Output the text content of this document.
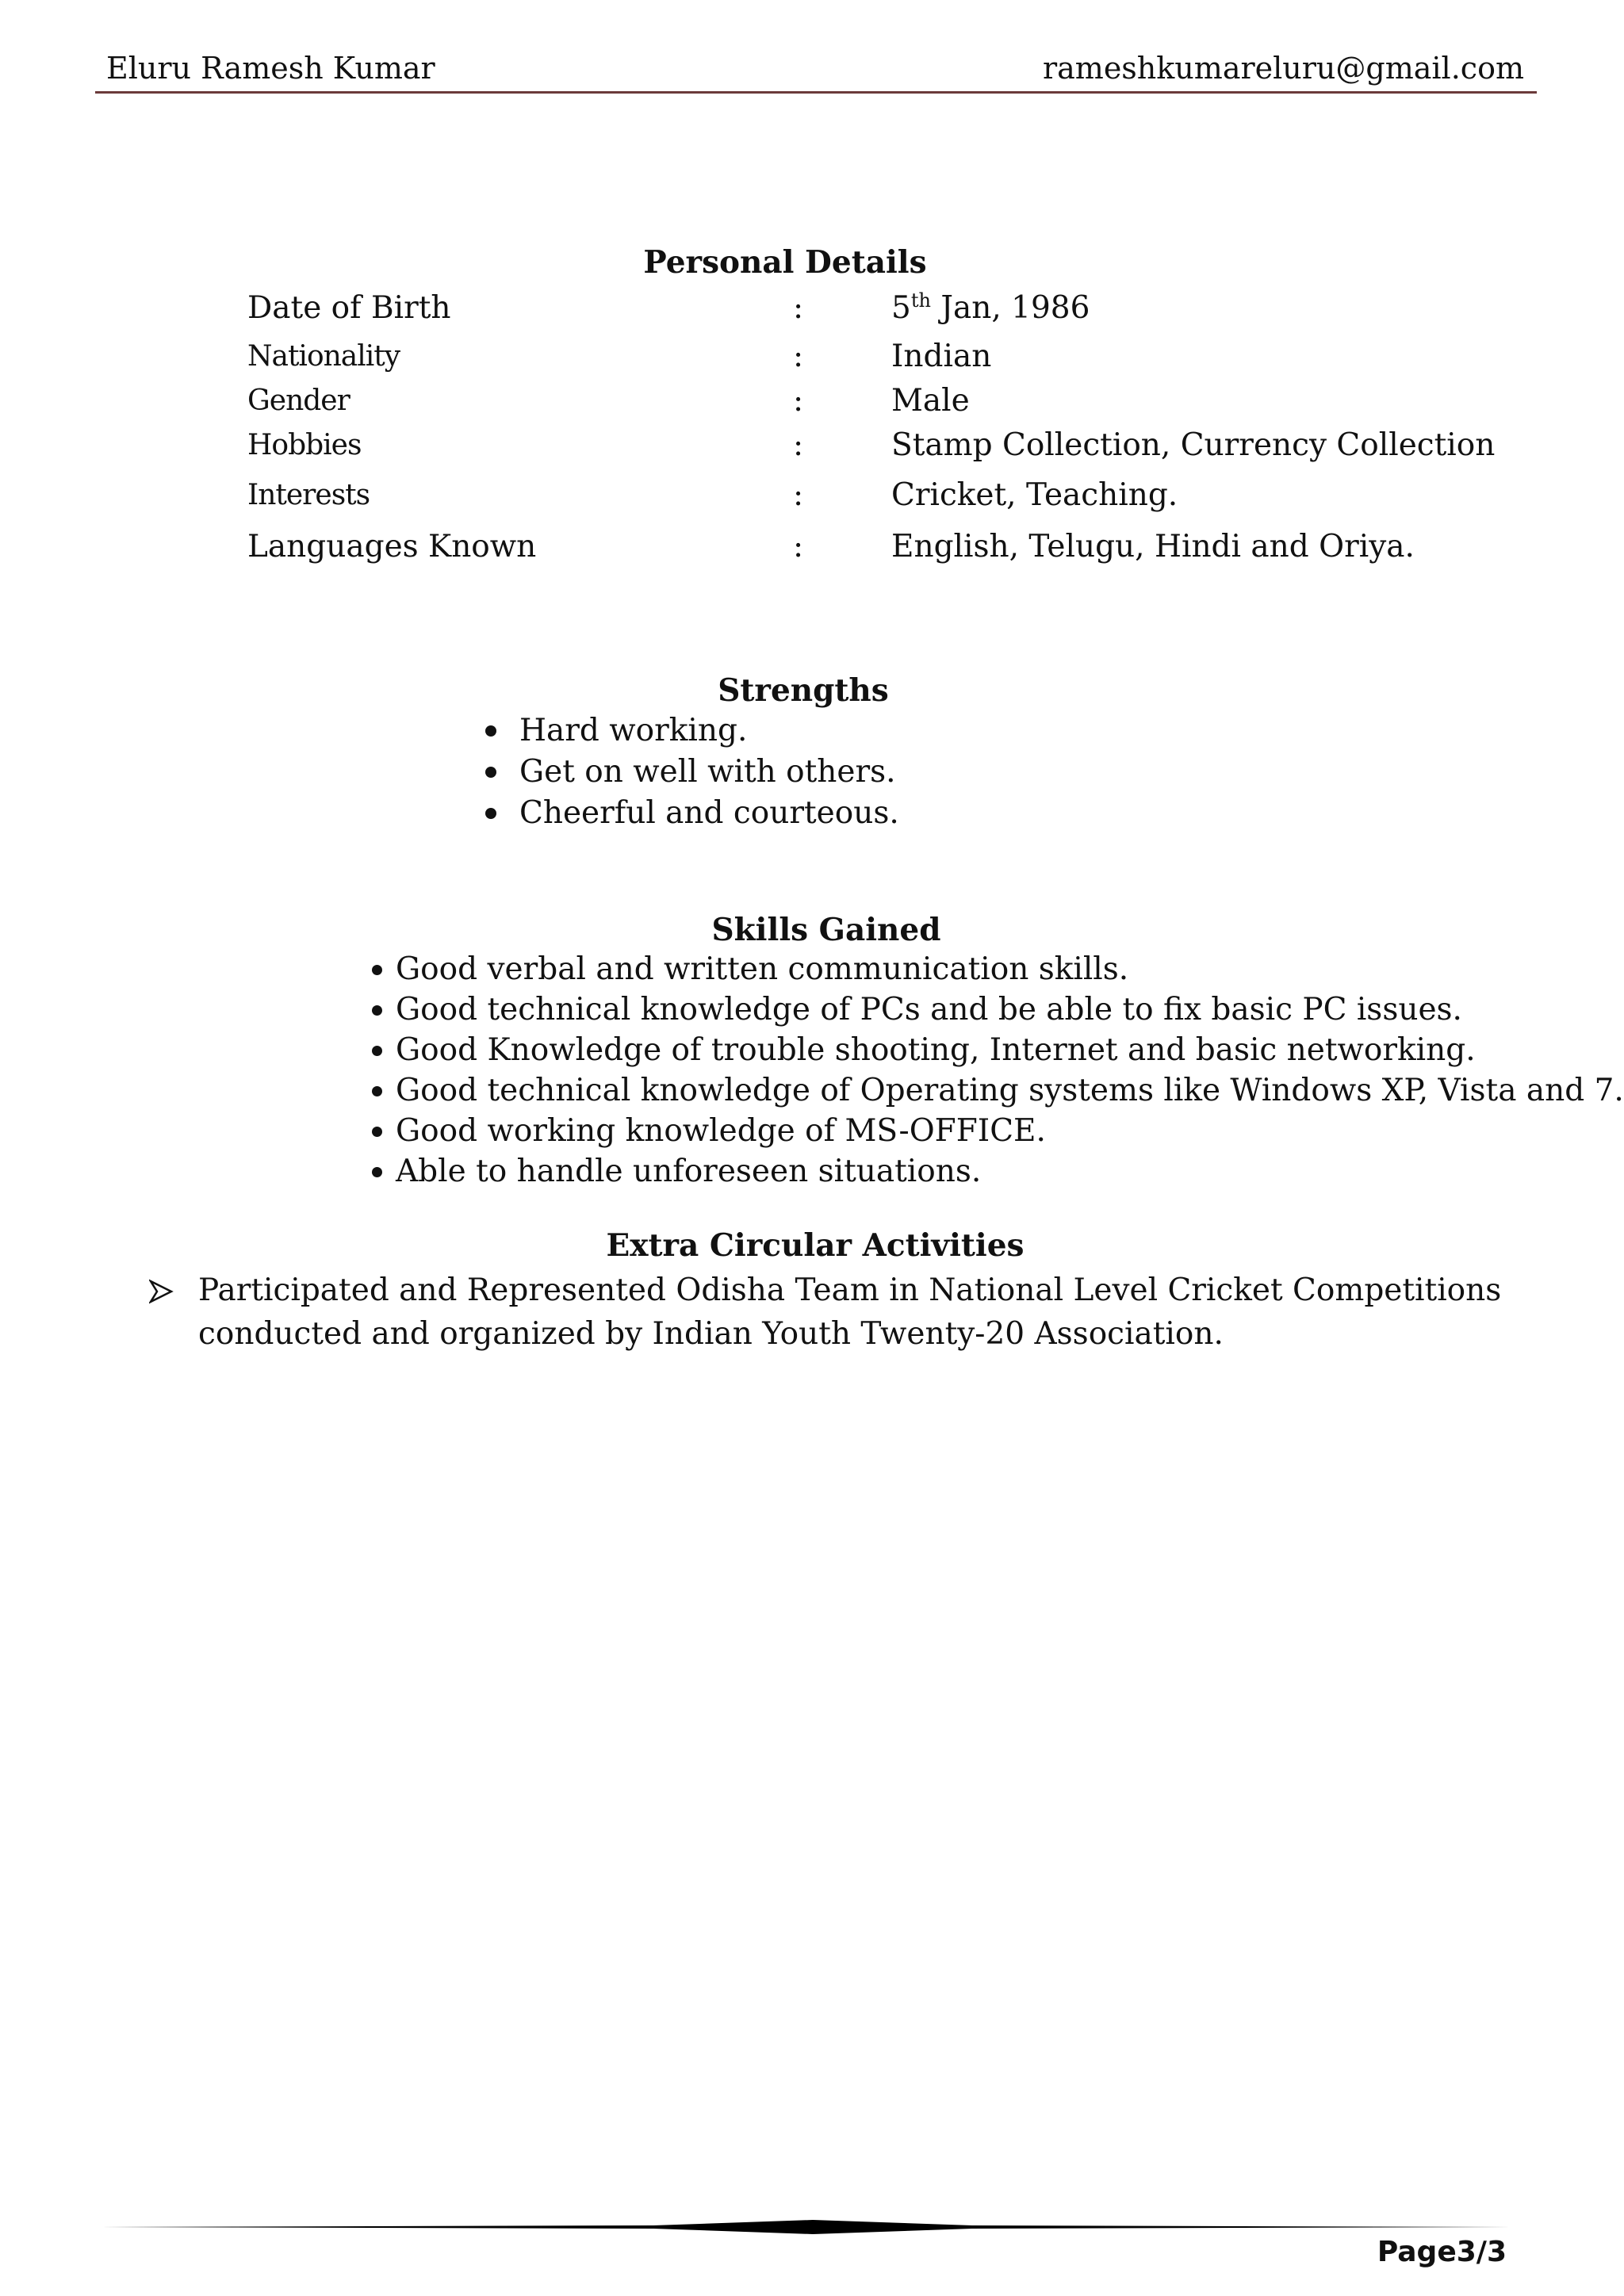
Eluru Ramesh Kumar	rameshkumareluru@gmail.com
Personal Details
Date of Birth	:	5th Jan, 1986
Nationality	:	Indian
Gender	:	Male
Hobbies	:	Stamp Collection, Currency Collection
Interests	:	Cricket, Teaching.
Languages Known	:	English, Telugu, Hindi and Oriya.
Strengths
Hard working.
Get on well with others.
Cheerful and courteous.
Skills Gained
Good verbal and written communication skills.
Good technical knowledge of PCs and be able to fix basic PC issues.
Good Knowledge of trouble shooting, Internet and basic networking.
Good technical knowledge of Operating systems like Windows XP, Vista and 7.
Good working knowledge of MS-OFFICE.
Able to handle unforeseen situations.
Extra Circular Activities
Participated and Represented Odisha Team in National Level Cricket Competitions conducted and organized by Indian Youth Twenty-20 Association.
Page3/3
